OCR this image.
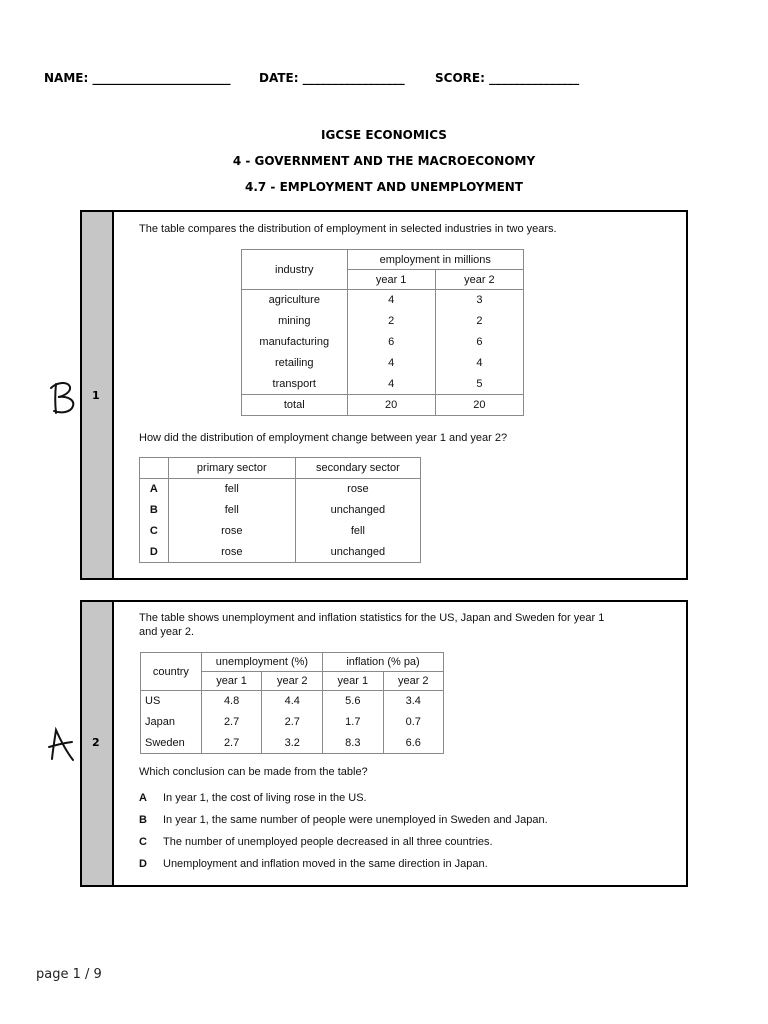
NAME: _______________________ DATE: _________________	SCORE: _______________
IGCSE ECONOMICS
4 - GOVERNMENT AND THE MACROECONOMY
4.7 - EMPLOYMENT AND UNEMPLOYMENT
1
The table compares the distribution of employment in selected industries in two years.
industry	employment in millions	
	year 1	year 2
agriculture	4	3
mining	2	2
manufacturing	6	6
retailing	4	4
transport	4	5
total	20	20
How did the distribution of employment change between year 1 and year 2?
	primary sector	secondary sector
A	fell	rose
B	fell	unchanged
C	rose	fell
D	rose	unchanged
2
The table shows unemployment and inflation statistics for the US, Japan and Sweden for year 1
and year 2.
country	unemployment (%)		inflation (% pa)	
	year 1	year 2	year 1	year 2
US	4.8	4.4	5.6	3.4
Japan	2.7	2.7	1.7	0.7
Sweden	2.7	3.2	8.3	6.6
Which conclusion can be made from the table?
A In year 1, the cost of living rose in the US.
B In year 1, the same number of people were unemployed in Sweden and Japan.
C The number of unemployed people decreased in all three countries.
D Unemployment and inflation moved in the same direction in Japan.
page 1 / 9
